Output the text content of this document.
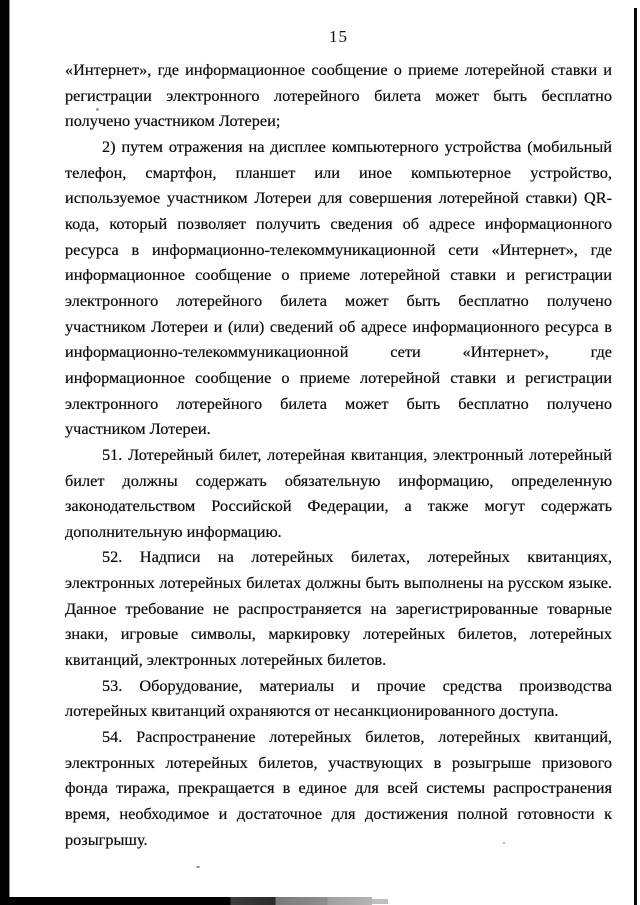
15

«Интернет», где информационное сообщение о приеме лотерейной ставки и регистрации электронного лотерейного билета может быть бесплатно получено участником Лотереи;

2) путем отражения на дисплее компьютерного устройства (мобильный телефон, смартфон, планшет или иное компьютерное устройство, используемое участником Лотереи для совершения лотерейной ставки) QR-кода, который позволяет получить сведения об адресе информационного ресурса в информационно-телекоммуникационной сети «Интернет», где информационное сообщение о приеме лотерейной ставки и регистрации электронного лотерейного билета может быть бесплатно получено участником Лотереи и (или) сведений об адресе информационного ресурса в информационно-телекоммуникационной сети «Интернет», где информационное сообщение о приеме лотерейной ставки и регистрации электронного лотерейного билета может быть бесплатно получено участником Лотереи.

51. Лотерейный билет, лотерейная квитанция, электронный лотерейный билет должны содержать обязательную информацию, определенную законодательством Российской Федерации, а также могут содержать дополнительную информацию.

52. Надписи на лотерейных билетах, лотерейных квитанциях, электронных лотерейных билетах должны быть выполнены на русском языке. Данное требование не распространяется на зарегистрированные товарные знаки, игровые символы, маркировку лотерейных билетов, лотерейных квитанций, электронных лотерейных билетов.

53. Оборудование, материалы и прочие средства производства лотерейных квитанций охраняются от несанкционированного доступа.

54. Распространение лотерейных билетов, лотерейных квитанций, электронных лотерейных билетов, участвующих в розыгрыше призового фонда тиража, прекращается в единое для всей системы распространения время, необходимое и достаточное для достижения полной готовности к розыгрышу.
